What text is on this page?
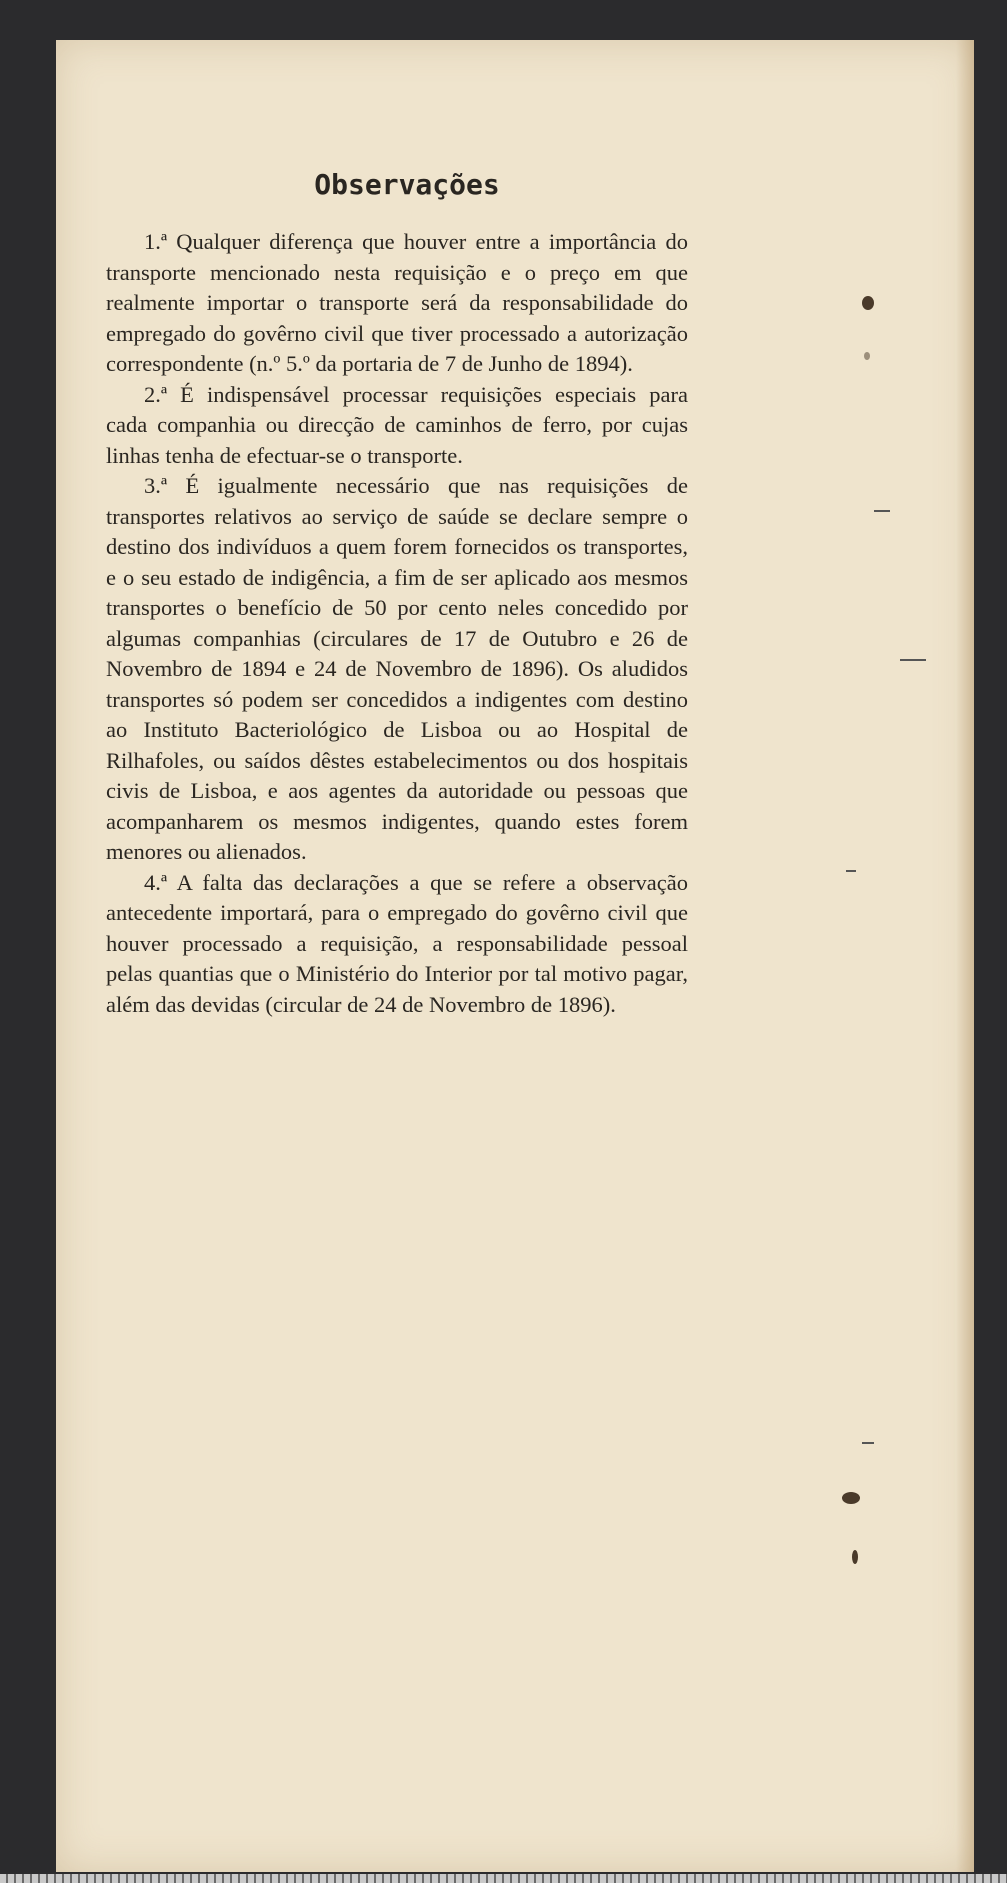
Observações

1.ª Qualquer diferença que houver entre a importância do transporte mencionado nesta requisição e o preço em que realmente importar o transporte será da responsabilidade do empregado do govêrno civil que tiver processado a autorização correspondente (n.º 5.º da portaria de 7 de Junho de 1894).

2.ª É indispensável processar requisições especiais para cada companhia ou direcção de caminhos de ferro, por cujas linhas tenha de efectuar-se o transporte.

3.ª É igualmente necessário que nas requisições de transportes relativos ao serviço de saúde se declare sempre o destino dos indivíduos a quem forem fornecidos os transportes, e o seu estado de indigência, a fim de ser aplicado aos mesmos transportes o benefício de 50 por cento neles concedido por algumas companhias (circulares de 17 de Outubro e 26 de Novembro de 1894 e 24 de Novembro de 1896). Os aludidos transportes só podem ser concedidos a indigentes com destino ao Instituto Bacteriológico de Lisboa ou ao Hospital de Rilhafoles, ou saídos dêstes estabelecimentos ou dos hospitais civis de Lisboa, e aos agentes da autoridade ou pessoas que acompanharem os mesmos indigentes, quando estes forem menores ou alienados.

4.ª A falta das declarações a que se refere a observação antecedente importará, para o empregado do govêrno civil que houver processado a requisição, a responsabilidade pessoal pelas quantias que o Ministério do Interior por tal motivo pagar, além das devidas (circular de 24 de Novembro de 1896).
